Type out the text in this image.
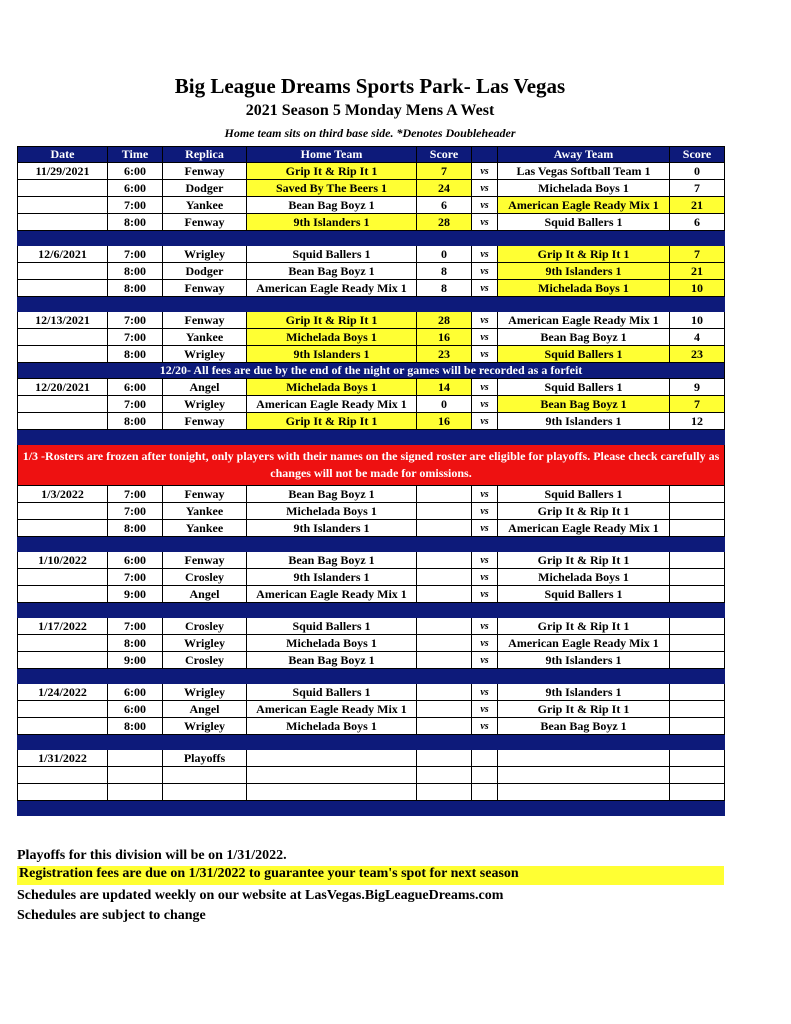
Big League Dreams Sports Park- Las Vegas
2021 Season 5 Monday Mens A West
Home team sits on third base side. *Denotes Doubleheader
Date	Time	Replica	Home Team	Score		Away Team	Score
11/29/2021	6:00	Fenway	Grip It & Rip It 1	7	vs	Las Vegas Softball Team 1	0
	6:00	Dodger	Saved By The Beers 1	24	vs	Michelada Boys 1	7
	7:00	Yankee	Bean Bag Boyz 1	6	vs	American Eagle Ready Mix 1	21
	8:00	Fenway	9th Islanders 1	28	vs	Squid Ballers 1	6

12/6/2021	7:00	Wrigley	Squid Ballers 1	0	vs	Grip It & Rip It 1	7
	8:00	Dodger	Bean Bag Boyz 1	8	vs	9th Islanders 1	21
	8:00	Fenway	American Eagle Ready Mix 1	8	vs	Michelada Boys 1	10

12/13/2021	7:00	Fenway	Grip It & Rip It 1	28	vs	American Eagle Ready Mix 1	10
	7:00	Yankee	Michelada Boys 1	16	vs	Bean Bag Boyz 1	4
	8:00	Wrigley	9th Islanders 1	23	vs	Squid Ballers 1	23
12/20- All fees are due by the end of the night or games will be recorded as a forfeit							
12/20/2021	6:00	Angel	Michelada Boys 1	14	vs	Squid Ballers 1	9
	7:00	Wrigley	American Eagle Ready Mix 1	0	vs	Bean Bag Boyz 1	7
	8:00	Fenway	Grip It & Rip It 1	16	vs	9th Islanders 1	12

1/3 -Rosters are frozen after tonight, only players with their names on the signed roster are eligible for playoffs. Please check carefully as changes will not be made for omissions.							
1/3/2022	7:00	Fenway	Bean Bag Boyz 1		vs	Squid Ballers 1	
	7:00	Yankee	Michelada Boys 1		vs	Grip It & Rip It 1	
	8:00	Yankee	9th Islanders 1		vs	American Eagle Ready Mix 1	

1/10/2022	6:00	Fenway	Bean Bag Boyz 1		vs	Grip It & Rip It 1	
	7:00	Crosley	9th Islanders 1		vs	Michelada Boys 1	
	9:00	Angel	American Eagle Ready Mix 1		vs	Squid Ballers 1	

1/17/2022	7:00	Crosley	Squid Ballers 1		vs	Grip It & Rip It 1	
	8:00	Wrigley	Michelada Boys 1		vs	American Eagle Ready Mix 1	
	9:00	Crosley	Bean Bag Boyz 1		vs	9th Islanders 1	

1/24/2022	6:00	Wrigley	Squid Ballers 1		vs	9th Islanders 1	
	6:00	Angel	American Eagle Ready Mix 1		vs	Grip It & Rip It 1	
	8:00	Wrigley	Michelada Boys 1		vs	Bean Bag Boyz 1	

1/31/2022		Playoffs					

Playoffs for this division will be on 1/31/2022.
Registration fees are due on 1/31/2022 to guarantee your team's spot for next season
Schedules are updated weekly on our website at LasVegas.BigLeagueDreams.com
Schedules are subject to change
